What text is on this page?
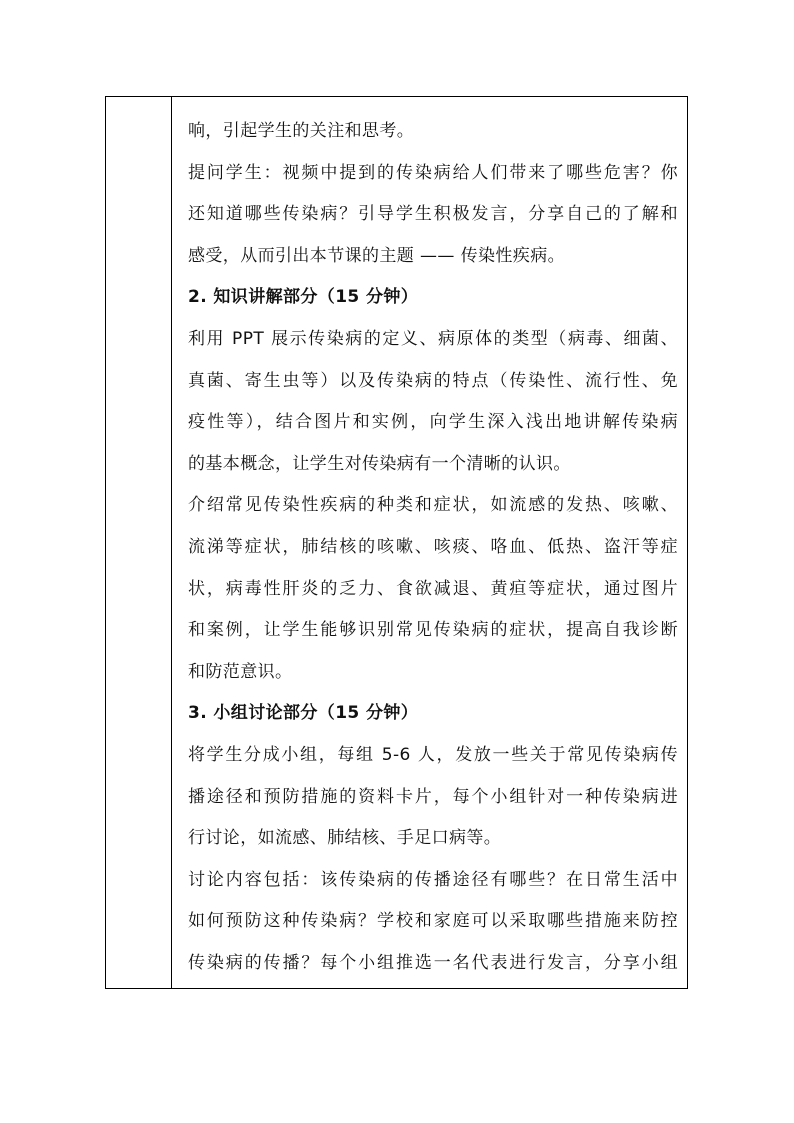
响，引起学生的关注和思考。
提问学生：视频中提到的传染病给人们带来了哪些危害？你
还知道哪些传染病？引导学生积极发言，分享自己的了解和
感受，从而引出本节课的主题 —— 传染性疾病。
2. 知识讲解部分（15 分钟）
利用 PPT 展示传染病的定义、病原体的类型（病毒、细菌、
真菌、寄生虫等）以及传染病的特点（传染性、流行性、免
疫性等），结合图片和实例，向学生深入浅出地讲解传染病
的基本概念，让学生对传染病有一个清晰的认识。
介绍常见传染性疾病的种类和症状，如流感的发热、咳嗽、
流涕等症状，肺结核的咳嗽、咳痰、咯血、低热、盗汗等症
状，病毒性肝炎的乏力、食欲减退、黄疸等症状，通过图片
和案例，让学生能够识别常见传染病的症状，提高自我诊断
和防范意识。
3. 小组讨论部分（15 分钟）
将学生分成小组，每组 5-6 人，发放一些关于常见传染病传
播途径和预防措施的资料卡片，每个小组针对一种传染病进
行讨论，如流感、肺结核、手足口病等。
讨论内容包括：该传染病的传播途径有哪些？在日常生活中
如何预防这种传染病？学校和家庭可以采取哪些措施来防控
传染病的传播？每个小组推选一名代表进行发言，分享小组
